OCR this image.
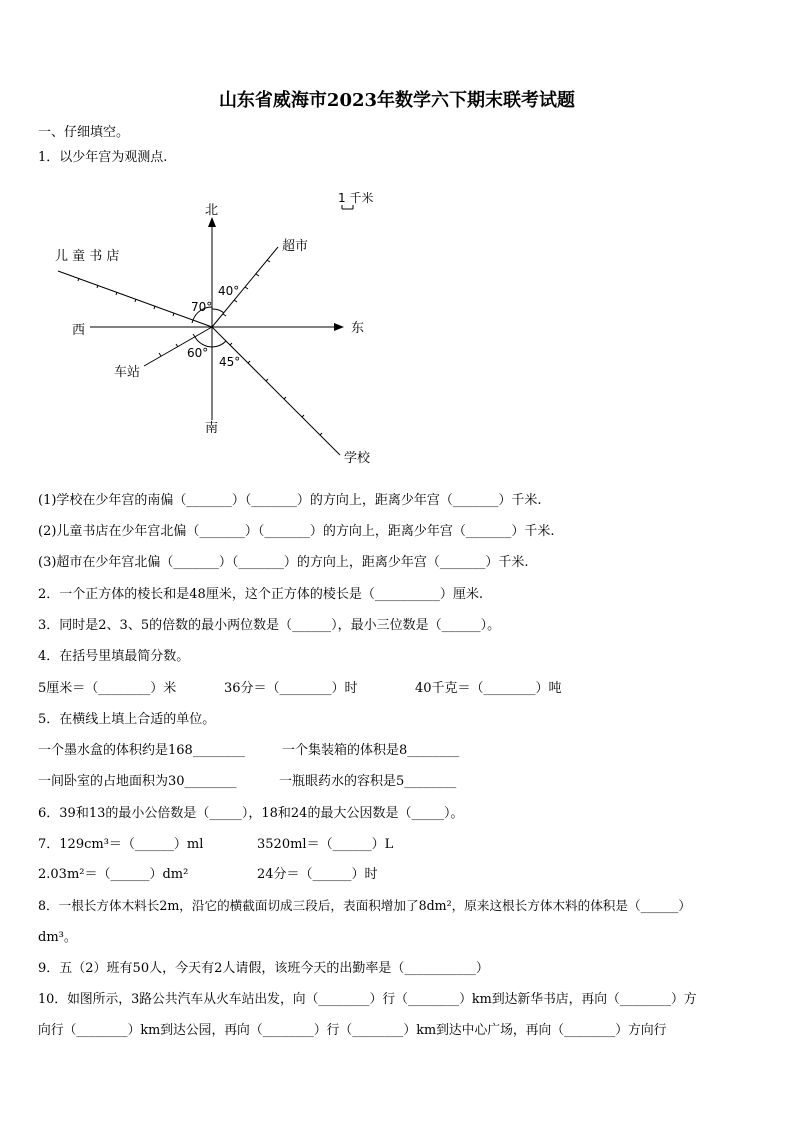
山东省威海市2023年数学六下期末联考试题
一、仔细填空。
1．以少年宫为观测点.
1 千米
北
南
东
西
儿 童 书 店
超市
车站
学校
70°
40°
60°
45°
(1)学校在少年宫的南偏（_______）（_______）的方向上，距离少年宫（_______）千米.
(2)儿童书店在少年宫北偏（_______）（_______）的方向上，距离少年宫（_______）千米.
(3)超市在少年宫北偏（_______）（_______）的方向上，距离少年宫（_______）千米.
2．一个正方体的棱长和是48厘米，这个正方体的棱长是（__________）厘米.
3．同时是2、3、5的倍数的最小两位数是（______），最小三位数是（______）。
4．在括号里填最简分数。
5厘米＝（________）米	36分＝（________）时	40千克＝（________）吨
5．在横线上填上合适的单位。
一个墨水盒的体积约是168________	一个集装箱的体积是8________
一间卧室的占地面积为30________	一瓶眼药水的容积是5________
6．39和13的最小公倍数是（_____），18和24的最大公因数是（_____）。
7．129cm³＝（______）ml	3520ml＝（______）L
2.03m²＝（______）dm²	24分＝（______）时
8．一根长方体木料长2m，沿它的横截面切成三段后，表面积增加了8dm²，原来这根长方体木料的体积是（______）
dm³。
9．五（2）班有50人，今天有2人请假，该班今天的出勤率是（___________）
10．如图所示，3路公共汽车从火车站出发，向（________）行（________）km到达新华书店，再向（________）方
向行（________）km到达公园，再向（________）行（________）km到达中心广场，再向（________）方向行
